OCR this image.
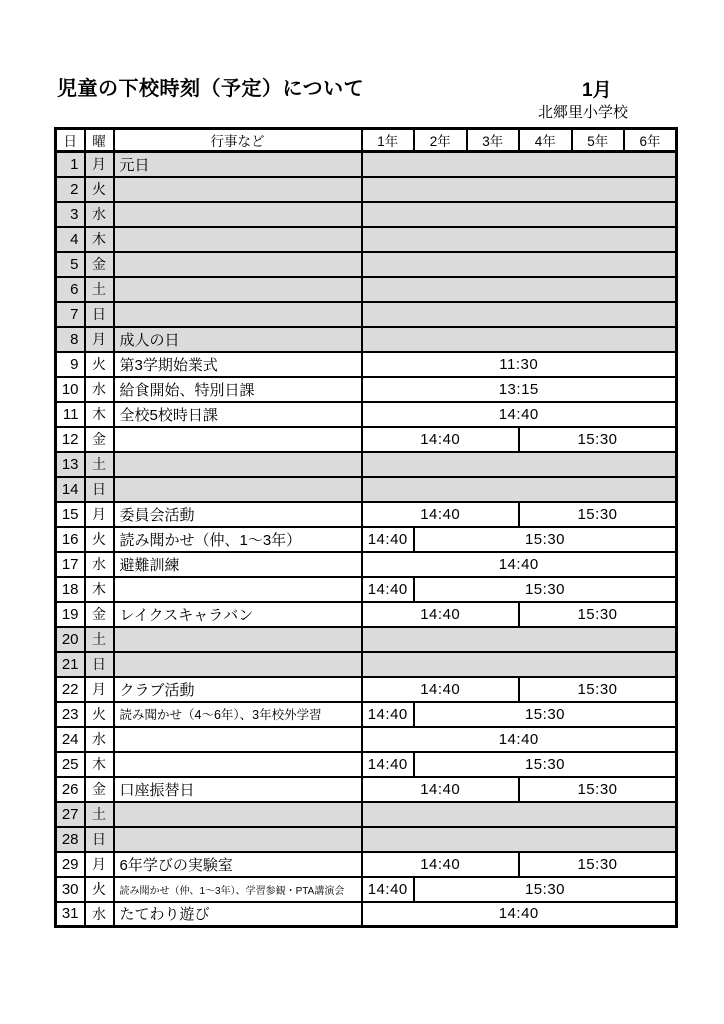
児童の下校時刻（予定）について	1月
北郷里小学校
日	曜	行事など	1年	2年	3年	4年	5年	6年
1	月	元日						
2	火							
3	水							
4	木							
5	金							
6	土							
7	日							
8	月	成人の日						
9	火	第3学期始業式	11:30					
10	水	給食開始、特別日課	13:15					
11	木	全校5校時日課	14:40					
12	金		14:40			15:30		
13	土							
14	日							
15	月	委員会活動	14:40			15:30		
16	火	読み聞かせ（仲、1～3年）	14:40	15:30				
17	水	避難訓練	14:40					
18	木		14:40	15:30				
19	金	レイクスキャラバン	14:40			15:30		
20	土							
21	日							
22	月	クラブ活動	14:40			15:30		
23	火	読み聞かせ（4～6年）、3年校外学習	14:40	15:30				
24	水		14:40					
25	木		14:40	15:30				
26	金	口座振替日	14:40			15:30		
27	土							
28	日							
29	月	6年学びの実験室	14:40			15:30		
30	火	読み聞かせ（仲、1～3年）、学習参観・PTA講演会	14:40	15:30				
31	水	たてわり遊び	14:40					
